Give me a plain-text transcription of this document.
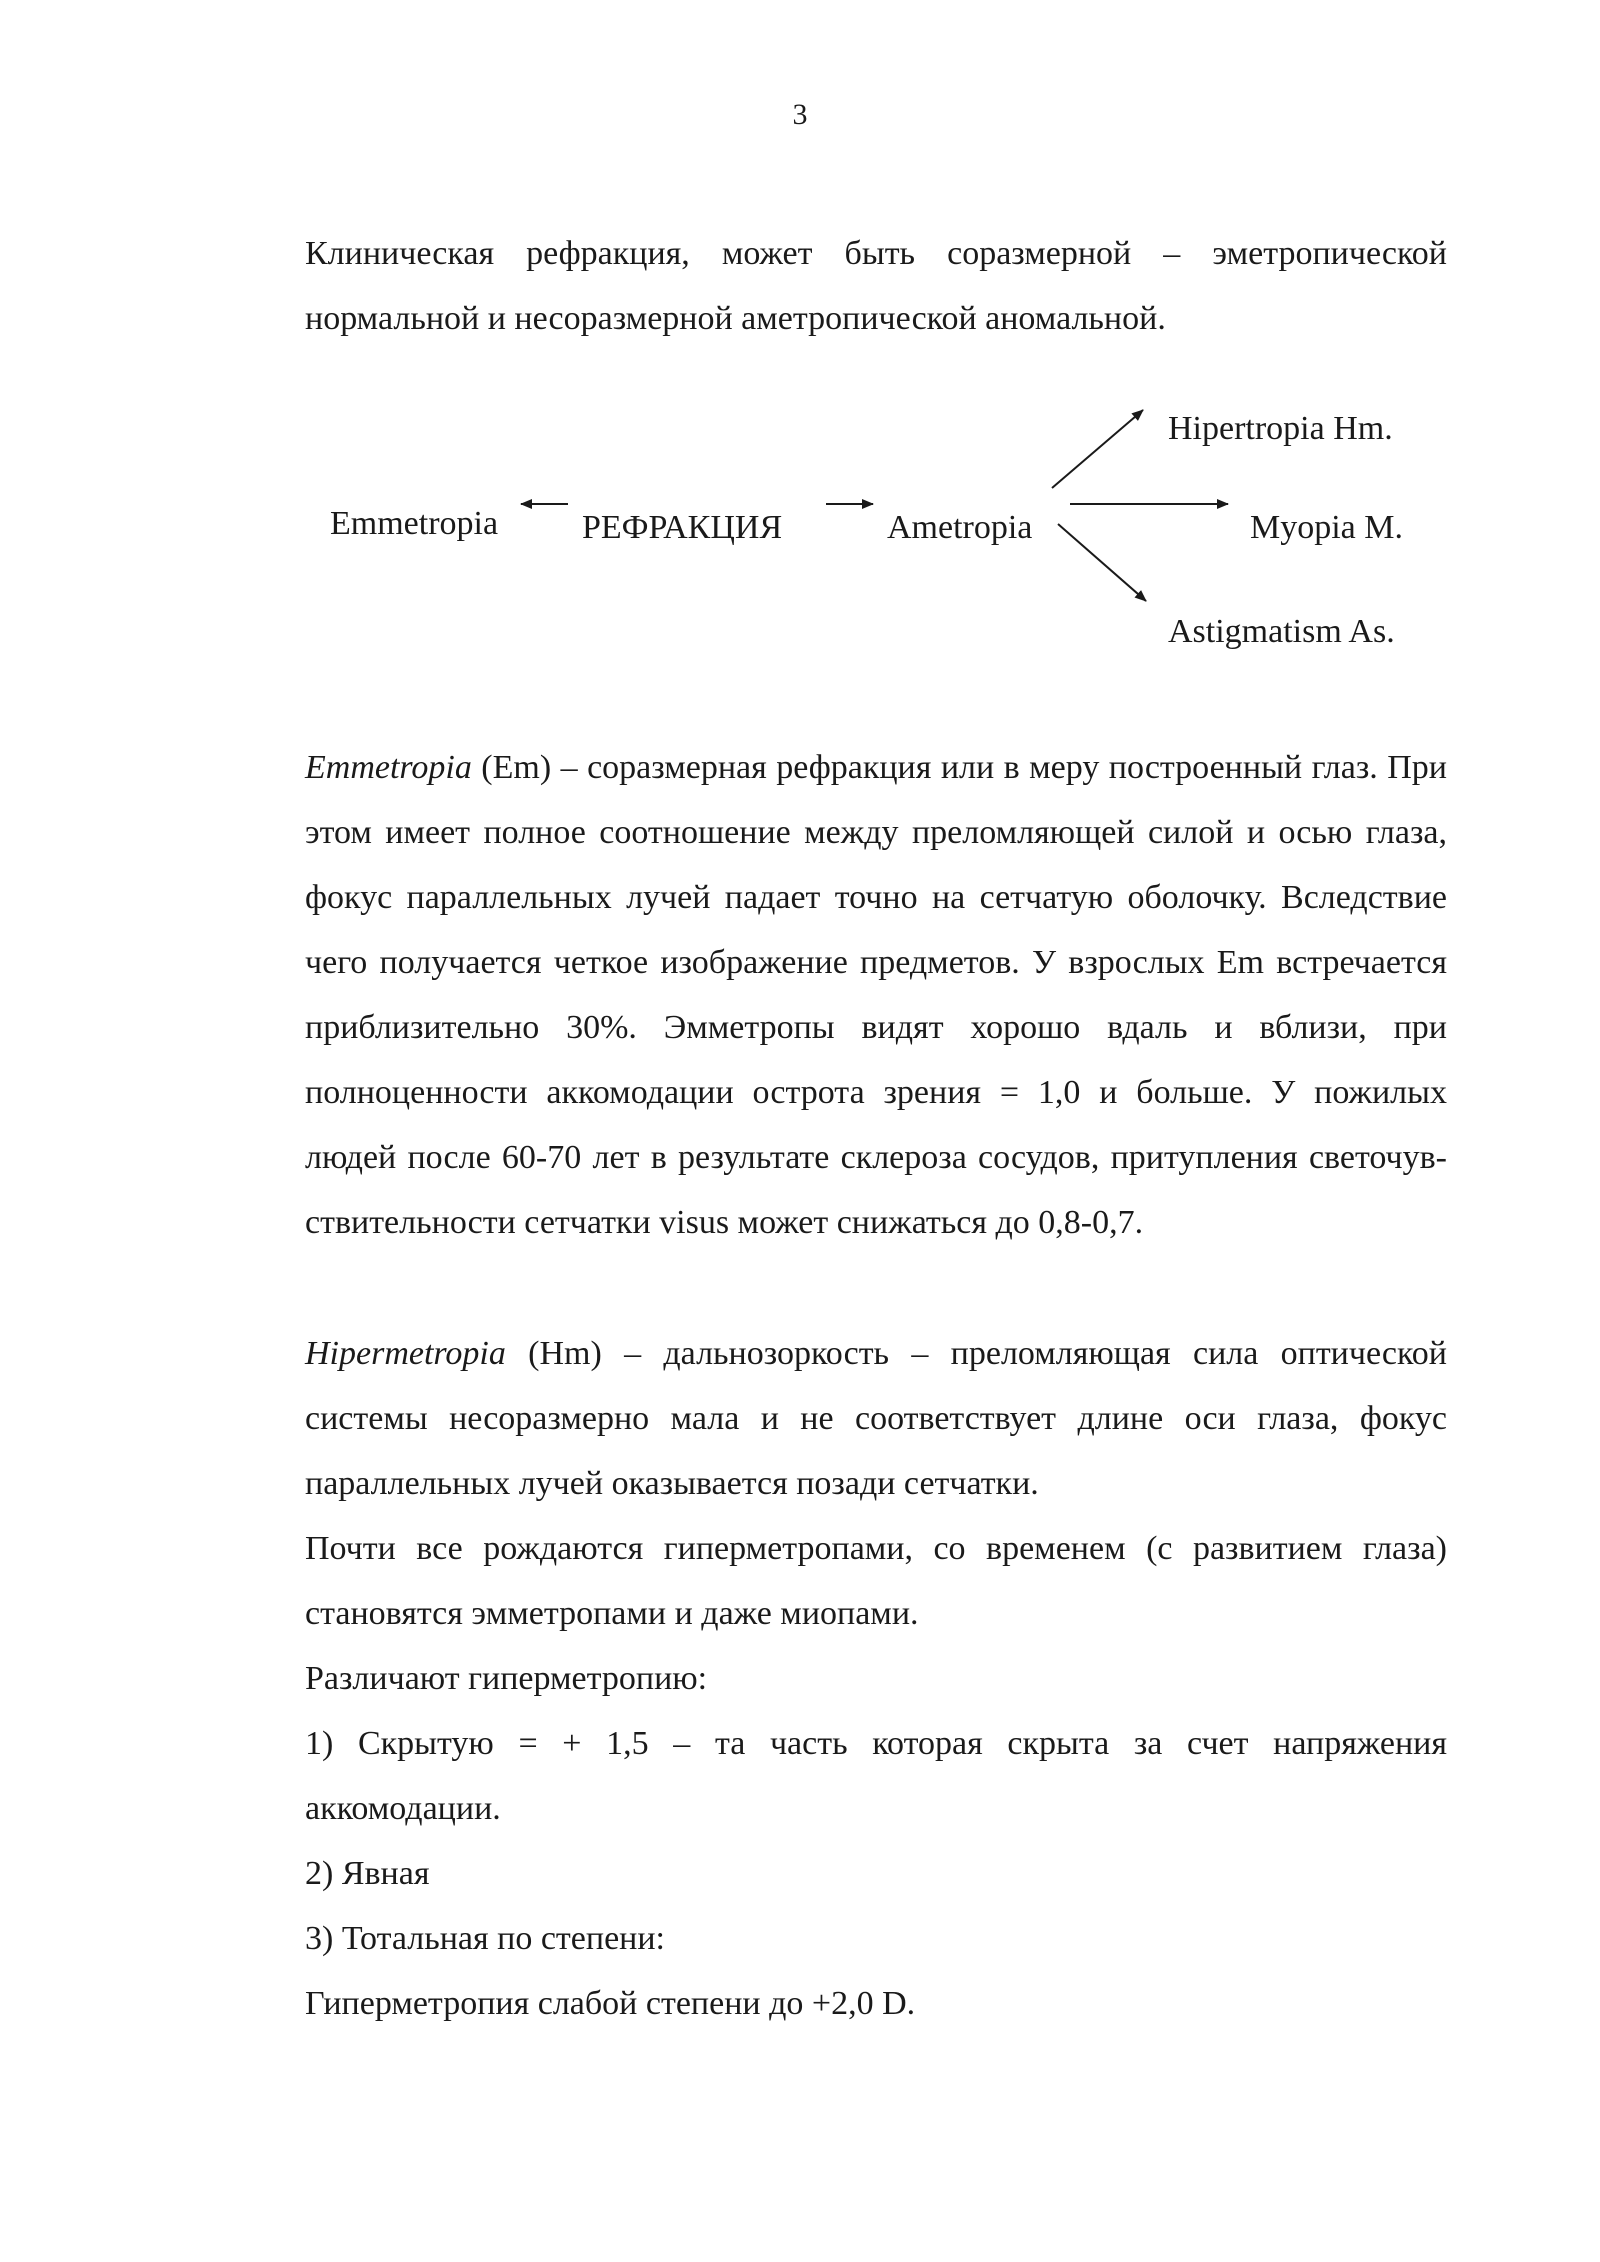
3

Клиническая рефракция, может быть соразмерной – эметропической нормальной и несоразмерной аметропической аномальной.

Emmetropia РЕФРАКЦИЯ	Ametropia
Hipertropia Hm.
Myopia M.
Astigmatism As.

Emmetropia (Em) – соразмерная рефракция или в меру построенный глаз. При этом имеет полное соотношение между преломляющей силой и осью глаза, фокус параллельных лучей падает точно на сетчатую оболочку. Вследствие чего получается четкое изображение предметов. У взрослых Em встречается приблизительно 30%. Эмметропы видят хорошо вдаль и вблизи, при полноценности аккомодации острота зрения = 1,0 и больше. У пожилых людей после 60-70 лет в результате склероза сосудов, притупления светочув-ствительности сетчатки visus может снижаться до 0,8-0,7.

Hipermetropia (Hm) – дальнозоркость – преломляющая сила оптической системы несоразмерно мала и не соответствует длине оси глаза, фокус параллельных лучей оказывается позади сетчатки.

Почти все рождаются гиперметропами, со временем (с развитием глаза) становятся эмметропами и даже миопами.

Различают гиперметропию:

1) Скрытую = + 1,5 – та часть которая скрыта за счет напряжения аккомодации.

2) Явная

3) Тотальная по степени:

Гиперметропия слабой степени до +2,0 D.
